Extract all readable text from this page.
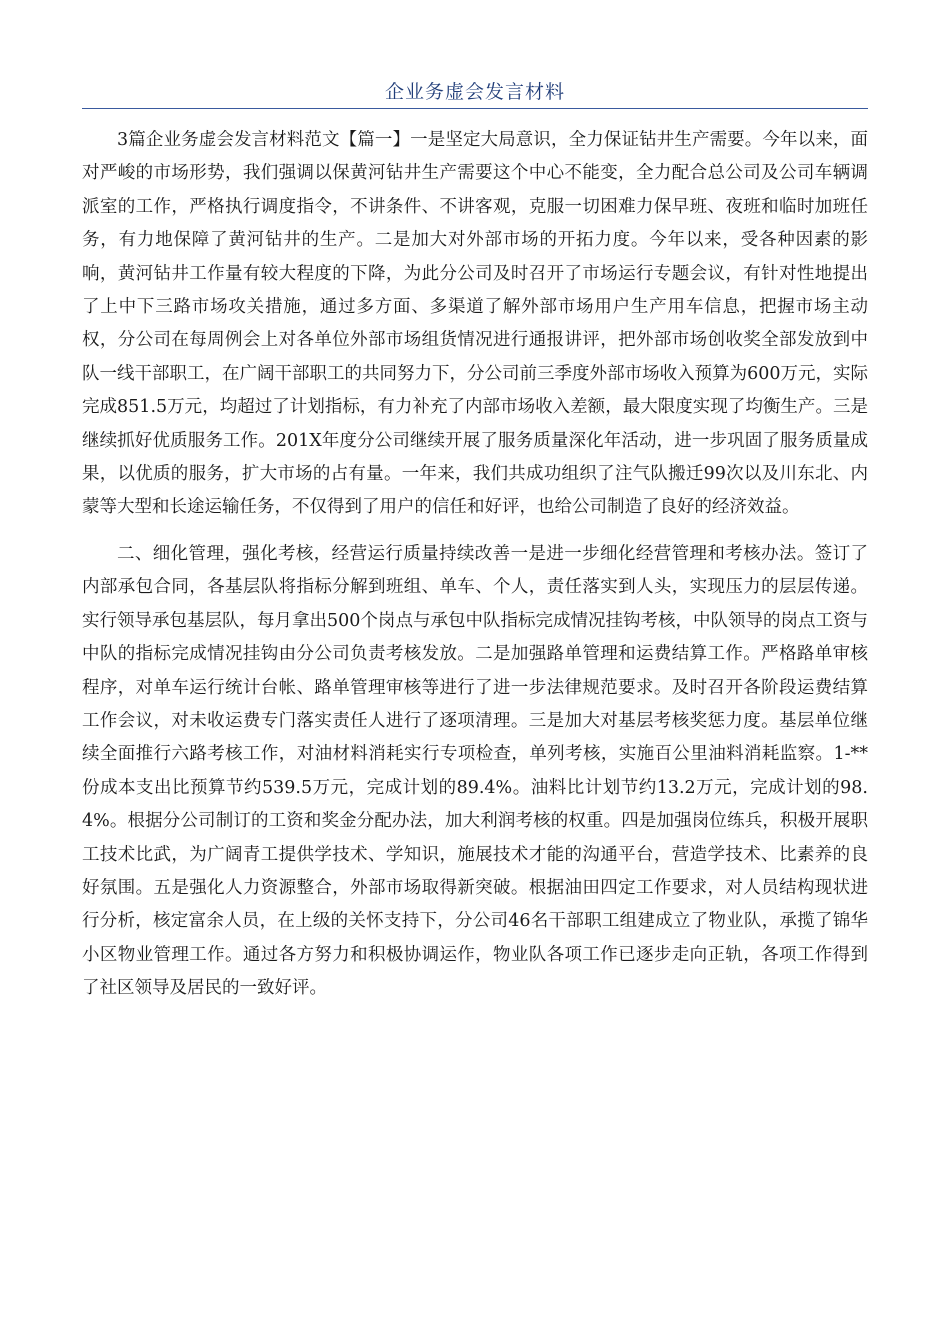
企业务虚会发言材料

3篇企业务虚会发言材料范文【篇一】一是坚定大局意识，全力保证钻井生产需要。今年以来，面对严峻的市场形势，我们强调以保黄河钻井生产需要这个中心不能变，全力配合总公司及公司车辆调派室的工作，严格执行调度指令，不讲条件、不讲客观，克服一切困难力保早班、夜班和临时加班任务，有力地保障了黄河钻井的生产。二是加大对外部市场的开拓力度。今年以来，受各种因素的影响，黄河钻井工作量有较大程度的下降，为此分公司及时召开了市场运行专题会议，有针对性地提出了上中下三路市场攻关措施，通过多方面、多渠道了解外部市场用户生产用车信息，把握市场主动权，分公司在每周例会上对各单位外部市场组货情况进行通报讲评，把外部市场创收奖全部发放到中队一线干部职工，在广阔干部职工的共同努力下，分公司前三季度外部市场收入预算为600万元，实际完成851.5万元，均超过了计划指标，有力补充了内部市场收入差额，最大限度实现了均衡生产。三是继续抓好优质服务工作。201X年度分公司继续开展了服务质量深化年活动，进一步巩固了服务质量成果，以优质的服务，扩大市场的占有量。一年来，我们共成功组织了注气队搬迁99次以及川东北、内蒙等大型和长途运输任务，不仅得到了用户的信任和好评，也给公司制造了良好的经济效益。

二、细化管理，强化考核，经营运行质量持续改善一是进一步细化经营管理和考核办法。签订了内部承包合同，各基层队将指标分解到班组、单车、个人，责任落实到人头，实现压力的层层传递。实行领导承包基层队，每月拿出500个岗点与承包中队指标完成情况挂钩考核，中队领导的岗点工资与中队的指标完成情况挂钩由分公司负责考核发放。二是加强路单管理和运费结算工作。严格路单审核程序，对单车运行统计台帐、路单管理审核等进行了进一步法律规范要求。及时召开各阶段运费结算工作会议，对未收运费专门落实责任人进行了逐项清理。三是加大对基层考核奖惩力度。基层单位继续全面推行六路考核工作，对油材料消耗实行专项检查，单列考核，实施百公里油料消耗监察。1-**份成本支出比预算节约539.5万元，完成计划的89.4%。油料比计划节约13.2万元，完成计划的98.4%。根据分公司制订的工资和奖金分配办法，加大利润考核的权重。四是加强岗位练兵，积极开展职工技术比武，为广阔青工提供学技术、学知识，施展技术才能的沟通平台，营造学技术、比素养的良好氛围。五是强化人力资源整合，外部市场取得新突破。根据油田四定工作要求，对人员结构现状进行分析，核定富余人员，在上级的关怀支持下，分公司46名干部职工组建成立了物业队，承揽了锦华小区物业管理工作。通过各方努力和积极协调运作，物业队各项工作已逐步走向正轨，各项工作得到了社区领导及居民的一致好评。
